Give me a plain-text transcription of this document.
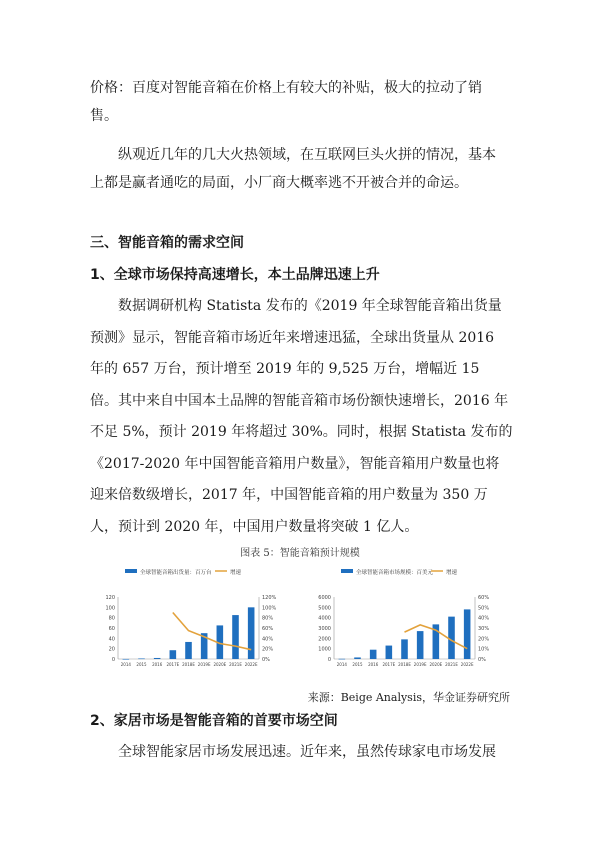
价格：百度对智能音箱在价格上有较大的补贴，极大的拉动了销
售。
纵观近几年的几大火热领域，在互联网巨头火拼的情况，基本
上都是赢者通吃的局面，小厂商大概率逃不开被合并的命运。
三、智能音箱的需求空间
1、全球市场保持高速增长，本土品牌迅速上升
数据调研机构 Statista 发布的《2019 年全球智能音箱出货量
预测》显示，智能音箱市场近年来增速迅猛，全球出货量从 2016
年的 657 万台，预计增至 2019 年的 9,525 万台，增幅近 15
倍。其中来自中国本土品牌的智能音箱市场份额快速增长，2016 年
不足 5%，预计 2019 年将超过 30%。同时，根据 Statista 发布的
《2017-2020 年中国智能音箱用户数量》，智能音箱用户数量也将
迎来倍数级增长，2017 年，中国智能音箱的用户数量为 350 万
人，预计到 2020 年，中国用户数量将突破 1 亿人。
图表 5：智能音箱预计规模
全球智能音箱出货量：百万台	增速
0
20
40
60
80
100
120
0%
20%
40%
60%
80%
100%
120%
2014 2015 2016 2017E 2018E 2019E 2020E 2021E 2022E
全球智能音箱市场规模：百美元 增速
0
1000
2000
3000
4000
5000
6000
0%
10%
20%
30%
40%
50%
60%
2014 2015 2016 2017E 2018E 2019E 2020E 2021E 2022E
来源：Beige Analysis，华金证券研究所
2、家居市场是智能音箱的首要市场空间
全球智能家居市场发展迅速。近年来，虽然传球家电市场发展
